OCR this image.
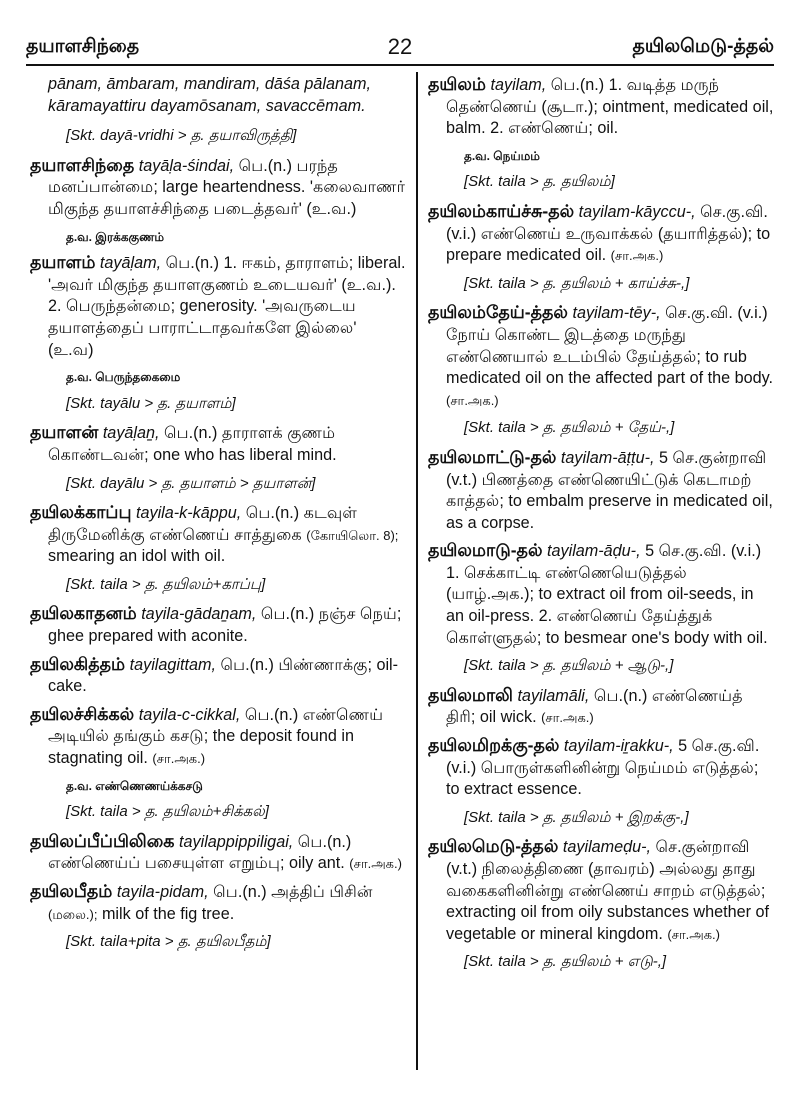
தயாளசிந்தை	22	தயிலமெடு-த்தல்
pānam, āmbaram, mandiram, dāśa pālanam, kāramayattiru dayamōsanam, savaccēmam.
[Skt. dayā-vridhi > த. தயாவிருத்தி]
தயாளசிந்தை tayāḷa-śindai, பெ.(n.) பரந்த மனப்பான்மை; large heartendness. 'கலைவாணர் மிகுந்த தயாளச்சிந்தை படைத்தவர்' (உ.வ.)
த.வ. இரக்ககுணம்
தயாளம் tayāḷam, பெ.(n.) 1. ஈகம், தாராளம்; liberal. 'அவர் மிகுந்த தயாளகுணம் உடையவர்' (உ.வ.). 2. பெருந்தன்மை; generosity. 'அவருடைய தயாளத்தைப் பாராட்டாதவர்களே இல்லை' (உ.வ)
த.வ. பெருந்தகைமை
[Skt. tayālu > த. தயாளம்]
தயாளன் tayāḷaṉ, பெ.(n.) தாராளக் குணம் கொண்டவன்; one who has liberal mind.
[Skt. dayālu > த. தயாளம் > தயாளன்]
தயிலக்காப்பு tayila-k-kāppu, பெ.(n.) கடவுள் திருமேனிக்கு எண்ணெய் சாத்துகை (கோயிலொ. 8); smearing an idol with oil.
[Skt. taila > த. தயிலம்+காப்பு]
தயிலகாதனம் tayila-gādaṉam, பெ.(n.) நஞ்ச நெய்; ghee prepared with aconite.
தயிலகித்தம் tayilagittam, பெ.(n.) பிண்ணாக்கு; oil-cake.
தயிலச்சிக்கல் tayila-c-cikkal, பெ.(n.) எண்ணெய் அடியில் தங்கும் கசடு; the deposit found in stagnating oil. (சா.அக.)
த.வ. எண்ணெணய்க்கசடு
[Skt. taila > த. தயிலம்+சிக்கல்]
தயிலப்பீப்பிலிகை tayilappippiligai, பெ.(n.) எண்ணெய்ப் பசையுள்ள எறும்பு; oily ant. (சா.அக.)
தயிலபீதம் tayila-pidam, பெ.(n.) அத்திப் பிசின் (மலை.); milk of the fig tree.
[Skt. taila+pita > த. தயிலபீதம்]
தயிலம் tayilam, பெ.(n.) 1. வடித்த மருந் தெண்ணெய் (சூடா.); ointment, medicated oil, balm. 2. எண்ணெய்; oil.
த.வ. நெய்மம்
[Skt. taila > த. தயிலம்]
தயிலம்காய்ச்சு-தல் tayilam-kāyccu-, செ.கு.வி. (v.i.) எண்ணெய் உருவாக்கல் (தயாரித்தல்); to prepare medicated oil. (சா.அக.)
[Skt. taila > த. தயிலம் + காய்ச்சு-,]
தயிலம்தேய்-த்தல் tayilam-tēy-, செ.கு.வி. (v.i.) நோய் கொண்ட இடத்தை மருந்து எண்ணெயால் உடம்பில் தேய்த்தல்; to rub medicated oil on the affected part of the body. (சா.அக.)
[Skt. taila > த. தயிலம் + தேய்-,]
தயிலமாட்டு-தல் tayilam-āṭṭu-, 5 செ.குன்றாவி (v.t.) பிணத்தை எண்ணெயிட்டுக் கெடாமற் காத்தல்; to embalm preserve in medicated oil, as a corpse.
தயிலமாடு-தல் tayilam-āḍu-, 5 செ.கு.வி. (v.i.) 1. செக்காட்டி எண்ணெயெடுத்தல் (யாழ்.அக.); to extract oil from oil-seeds, in an oil-press. 2. எண்ணெய் தேய்த்துக் கொள்ளுதல்; to besmear one's body with oil.
[Skt. taila > த. தயிலம் + ஆடு-,]
தயிலமாலி tayilamāli, பெ.(n.) எண்ணெய்த் திரி; oil wick. (சா.அக.)
தயிலமிறக்கு-தல் tayilam-iṟakku-, 5 செ.கு.வி.(v.i.) பொருள்களினின்று நெய்மம் எடுத்தல்; to extract essence.
[Skt. taila > த. தயிலம் + இறக்கு-,]
தயிலமெடு-த்தல் tayilameḍu-, செ.குன்றாவி (v.t.) நிலைத்திணை (தாவரம்) அல்லது தாது வகைகளினின்று எண்ணெய் சாறம் எடுத்தல்; extracting oil from oily substances whether of vegetable or mineral kingdom. (சா.அக.)
[Skt. taila > த. தயிலம் + எடு-,]
